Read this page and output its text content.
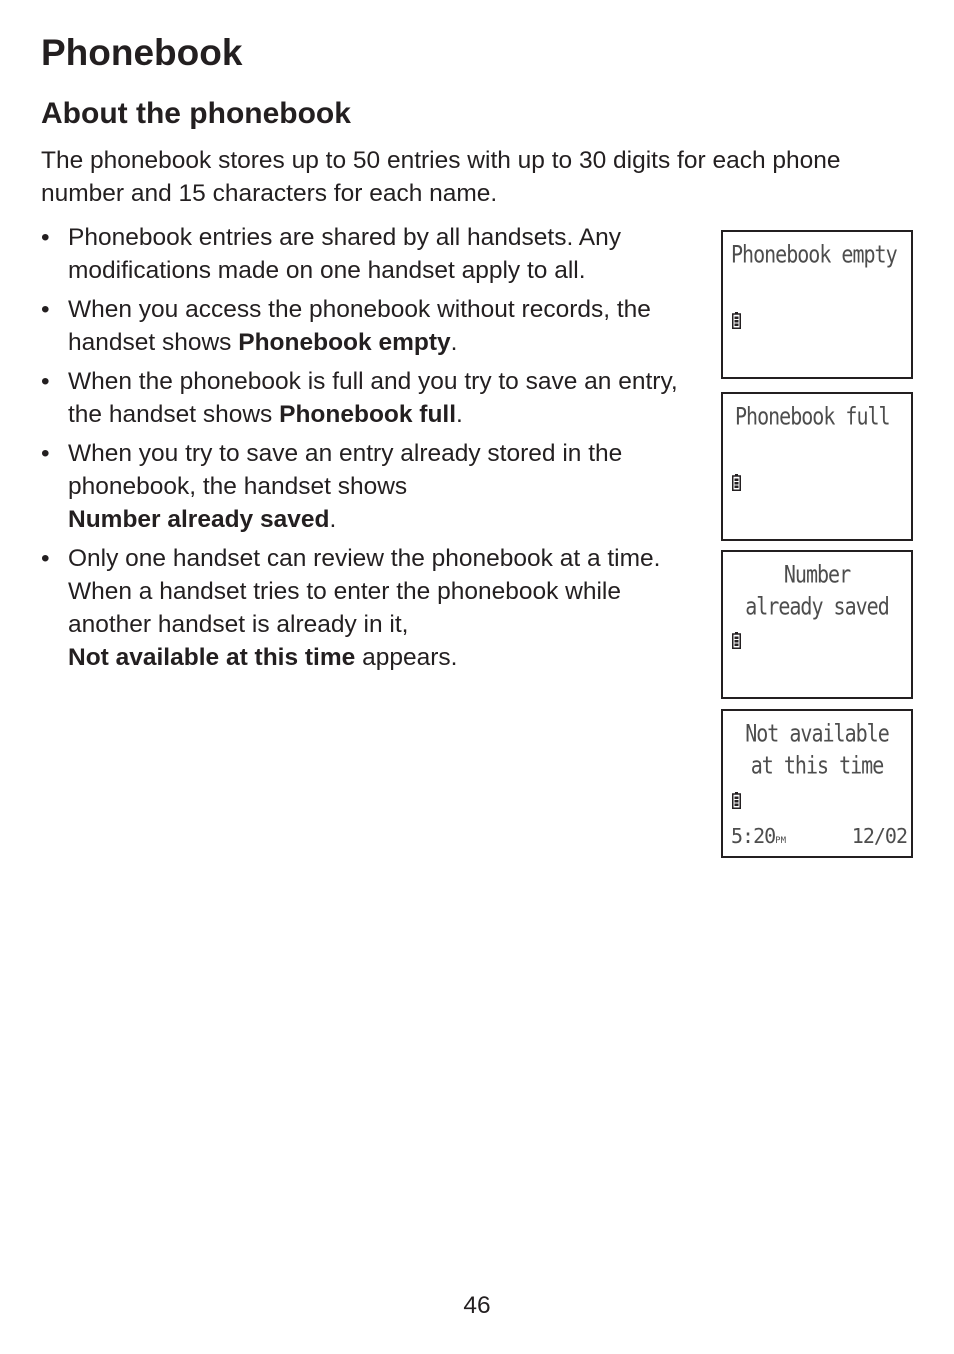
Phonebook
About the phonebook

The phonebook stores up to 50 entries with up to 30 digits for each phone number and 15 characters for each name.

• Phonebook entries are shared by all handsets. Any modifications made on one handset apply to all.
• When you access the phonebook without records, the handset shows Phonebook empty.
• When the phonebook is full and you try to save an entry, the handset shows Phonebook full.
• When you try to save an entry already stored in the phonebook, the handset shows
Number already saved.
• Only one handset can review the phonebook at a time. When a handset tries to enter the phonebook while another handset is already in it,
Not available at this time appears.
Phonebook empty
Phonebook full
Number
already saved
Not available
at this time
5:20PM	12/02
46
